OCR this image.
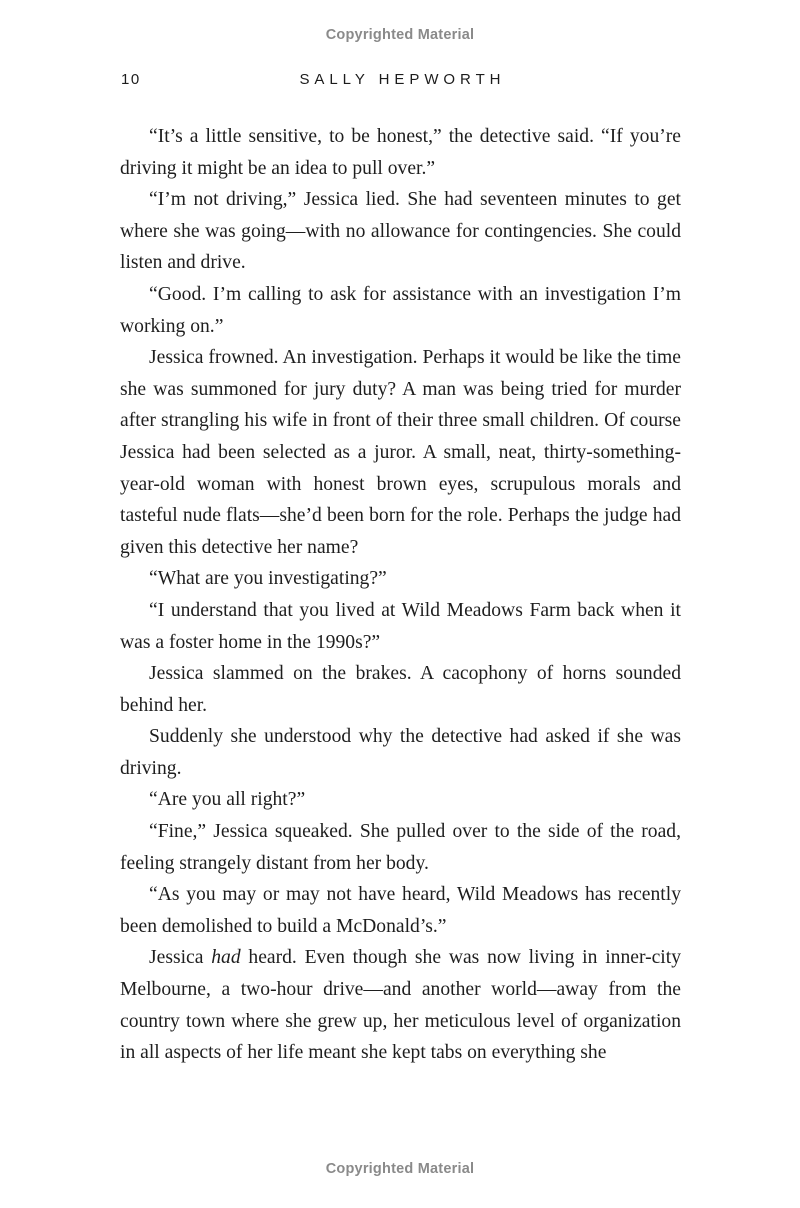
Copyrighted Material
10	SALLY HEPWORTH

“It’s a little sensitive, to be honest,” the detective said. “If you’re driving it might be an idea to pull over.”

“I’m not driving,” Jessica lied. She had seventeen minutes to get where she was going—with no allowance for contingencies. She could listen and drive.

“Good. I’m calling to ask for assistance with an investigation I’m working on.”

Jessica frowned. An investigation. Perhaps it would be like the time she was summoned for jury duty? A man was being tried for murder after strangling his wife in front of their three small children. Of course Jessica had been selected as a juror. A small, neat, thirty-something-year-old woman with honest brown eyes, scrupulous morals and tasteful nude flats—she’d been born for the role. Perhaps the judge had given this detective her name?

“What are you investigating?”

“I understand that you lived at Wild Meadows Farm back when it was a foster home in the 1990s?”

Jessica slammed on the brakes. A cacophony of horns sounded behind her.

Suddenly she understood why the detective had asked if she was driving.

“Are you all right?”

“Fine,” Jessica squeaked. She pulled over to the side of the road, feeling strangely distant from her body.

“As you may or may not have heard, Wild Meadows has recently been demolished to build a McDonald’s.”

Jessica had heard. Even though she was now living in inner-city Melbourne, a two-hour drive—and another world—away from the country town where she grew up, her meticulous level of organization in all aspects of her life meant she kept tabs on everything she

Copyrighted Material
